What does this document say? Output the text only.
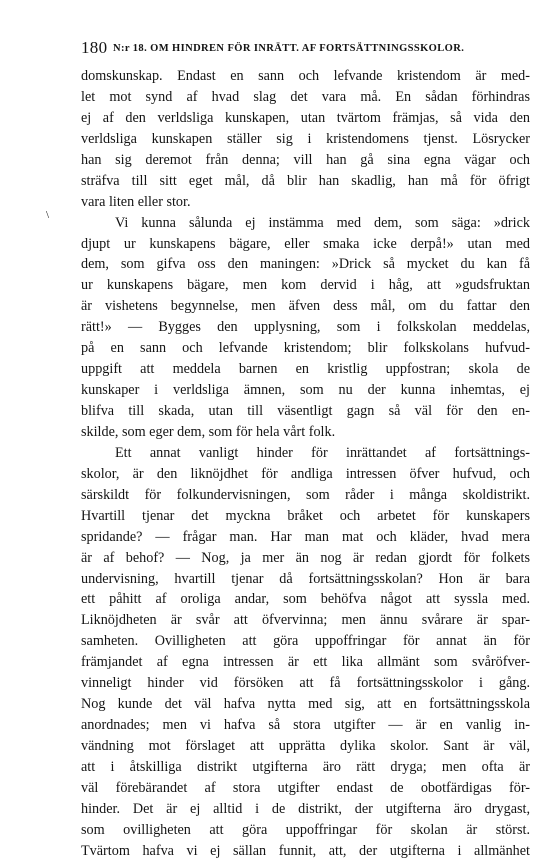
180 N:r 18. OM HINDREN FÖR INRÄTT. AF FORTSÄTTNINGSSKOLOR.
\
domskunskap. Endast en sann och lefvande kristendom är med-
let mot synd af hvad slag det vara må. En sådan förhindras
ej af den verldsliga kunskapen, utan tvärtom främjas, så vida den
verldsliga kunskapen ställer sig i kristendomens tjenst. Lösrycker
han sig deremot från denna; vill han gå sina egna vägar och
sträfva till sitt eget mål, då blir han skadlig, han må för öfrigt
vara liten eller stor.
Vi kunna sålunda ej instämma med dem, som säga: »drick
djupt ur kunskapens bägare, eller smaka icke derpå!» utan med
dem, som gifva oss den maningen: »Drick så mycket du kan få
ur kunskapens bägare, men kom dervid i håg, att »gudsfruktan
är vishetens begynnelse, men äfven dess mål, om du fattar den
rätt!» — Bygges den upplysning, som i folkskolan meddelas,
på en sann och lefvande kristendom; blir folkskolans hufvud-
uppgift att meddela barnen en kristlig uppfostran; skola de
kunskaper i verldsliga ämnen, som nu der kunna inhemtas, ej
blifva till skada, utan till väsentligt gagn så väl för den en-
skilde, som eger dem, som för hela vårt folk.
Ett annat vanligt hinder för inrättandet af fortsättnings-
skolor, är den liknöjdhet för andliga intressen öfver hufvud, och
särskildt för folkundervisningen, som råder i många skoldistrikt.
Hvartill tjenar det myckna bråket och arbetet för kunskapers
spridande? — frågar man. Har man mat och kläder, hvad mera
är af behof? — Nog, ja mer än nog är redan gjordt för folkets
undervisning, hvartill tjenar då fortsättningsskolan? Hon är bara
ett påhitt af oroliga andar, som behöfva något att syssla med.
Liknöjdheten är svår att öfvervinna; men ännu svårare är spar-
samheten. Ovilligheten att göra uppoffringar för annat än för
främjandet af egna intressen är ett lika allmänt som svåröfver-
vinneligt hinder vid försöken att få fortsättningsskolor i gång.
Nog kunde det väl hafva nytta med sig, att en fortsättningsskola
anordnades; men vi hafva så stora utgifter — är en vanlig in-
vändning mot förslaget att upprätta dylika skolor. Sant är väl,
att i åtskilliga distrikt utgifterna äro rätt dryga; men ofta är
väl förebärandet af stora utgifter endast de obotfärdigas för-
hinder. Det är ej alltid i de distrikt, der utgifterna äro drygast,
som ovilligheten att göra uppoffringar för skolan är störst.
Tvärtom hafva vi ej sällan funnit, att, der utgifterna i allmänhet
